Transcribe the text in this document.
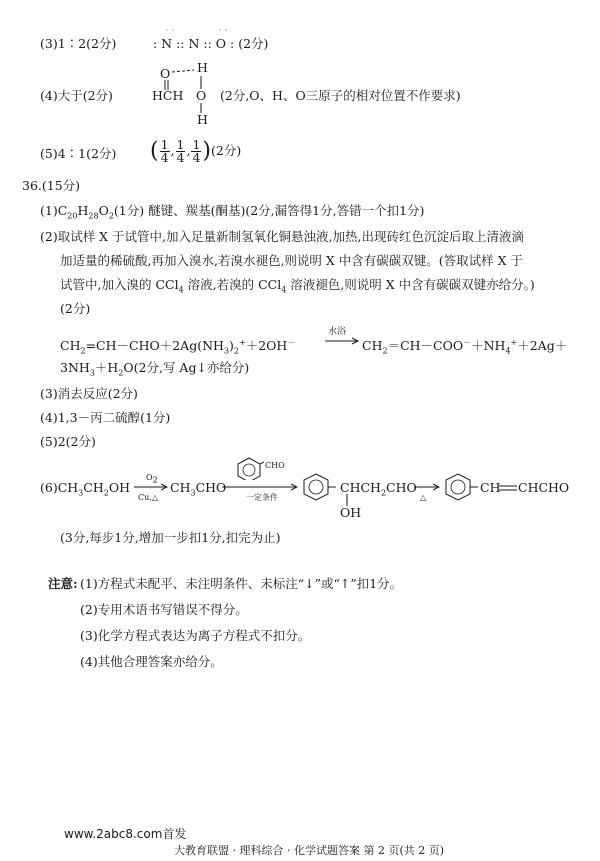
(3)1∶2(2分)	: N :: N :: O : (2分)
˙˙         ˙˙
(4)大于(2分)
O H
HCH O
H
(2分,O、H、O三原子的相对位置不作要求)
(5)4∶1(2分) ( $\frac{1}{4}$ , $\frac{1}{4}$ , $\frac{1}{4} )(2$分)
36.(15分)
$(1)C_{20}H_{28}O_2(1$分) 醚键、羰基(酮基)(2分,漏答得1分,答错一个扣1分)
(2)取试样 X 于试管中,加入足量新制氢氧化铜悬浊液,加热,出现砖红色沉淀后取上清液滴
加适量的稀硫酸,再加入溴水,若溴水褪色,则说明 X 中含有碳碳双键。(答取试样 X 于
试管中,加入溴的 CCl$_4$ 溶液,若溴的 CCl$_4$ 溶液褪色,则说明 X 中含有碳碳双键亦给分。)
(2分)
$CH_2=CH-CHO+2Ag(NH_3)_2^++2OH^-$
水浴
→ $CH_2=CH-COO^-+NH_4^++2Ag+$
$3NH_3+H_2O(2$分,写 Ag↓亦给分)
(3)消去反应(2分)
(4)1,3－丙二硫醇(1分)
(5)2(2分)
$(6)CH_3CH_2OH$
$O_2$
Cu,△
$CH_3CHO$
CHO
一定条件
$CHCH_2CHO$
OH
△
CH CHCHO
(3分,每步1分,增加一步扣1分,扣完为止)
注意: (1)方程式未配平、未注明条件、未标注“↓”或“↑”扣1分。
(2)专用术语书写错误不得分。
(3)化学方程式表达为离子方程式不扣分。
(4)其他合理答案亦给分。
www.2abc8.com首发
大教育联盟 · 理科综合 · 化学试题答案 第 2 页(共 2 页)
